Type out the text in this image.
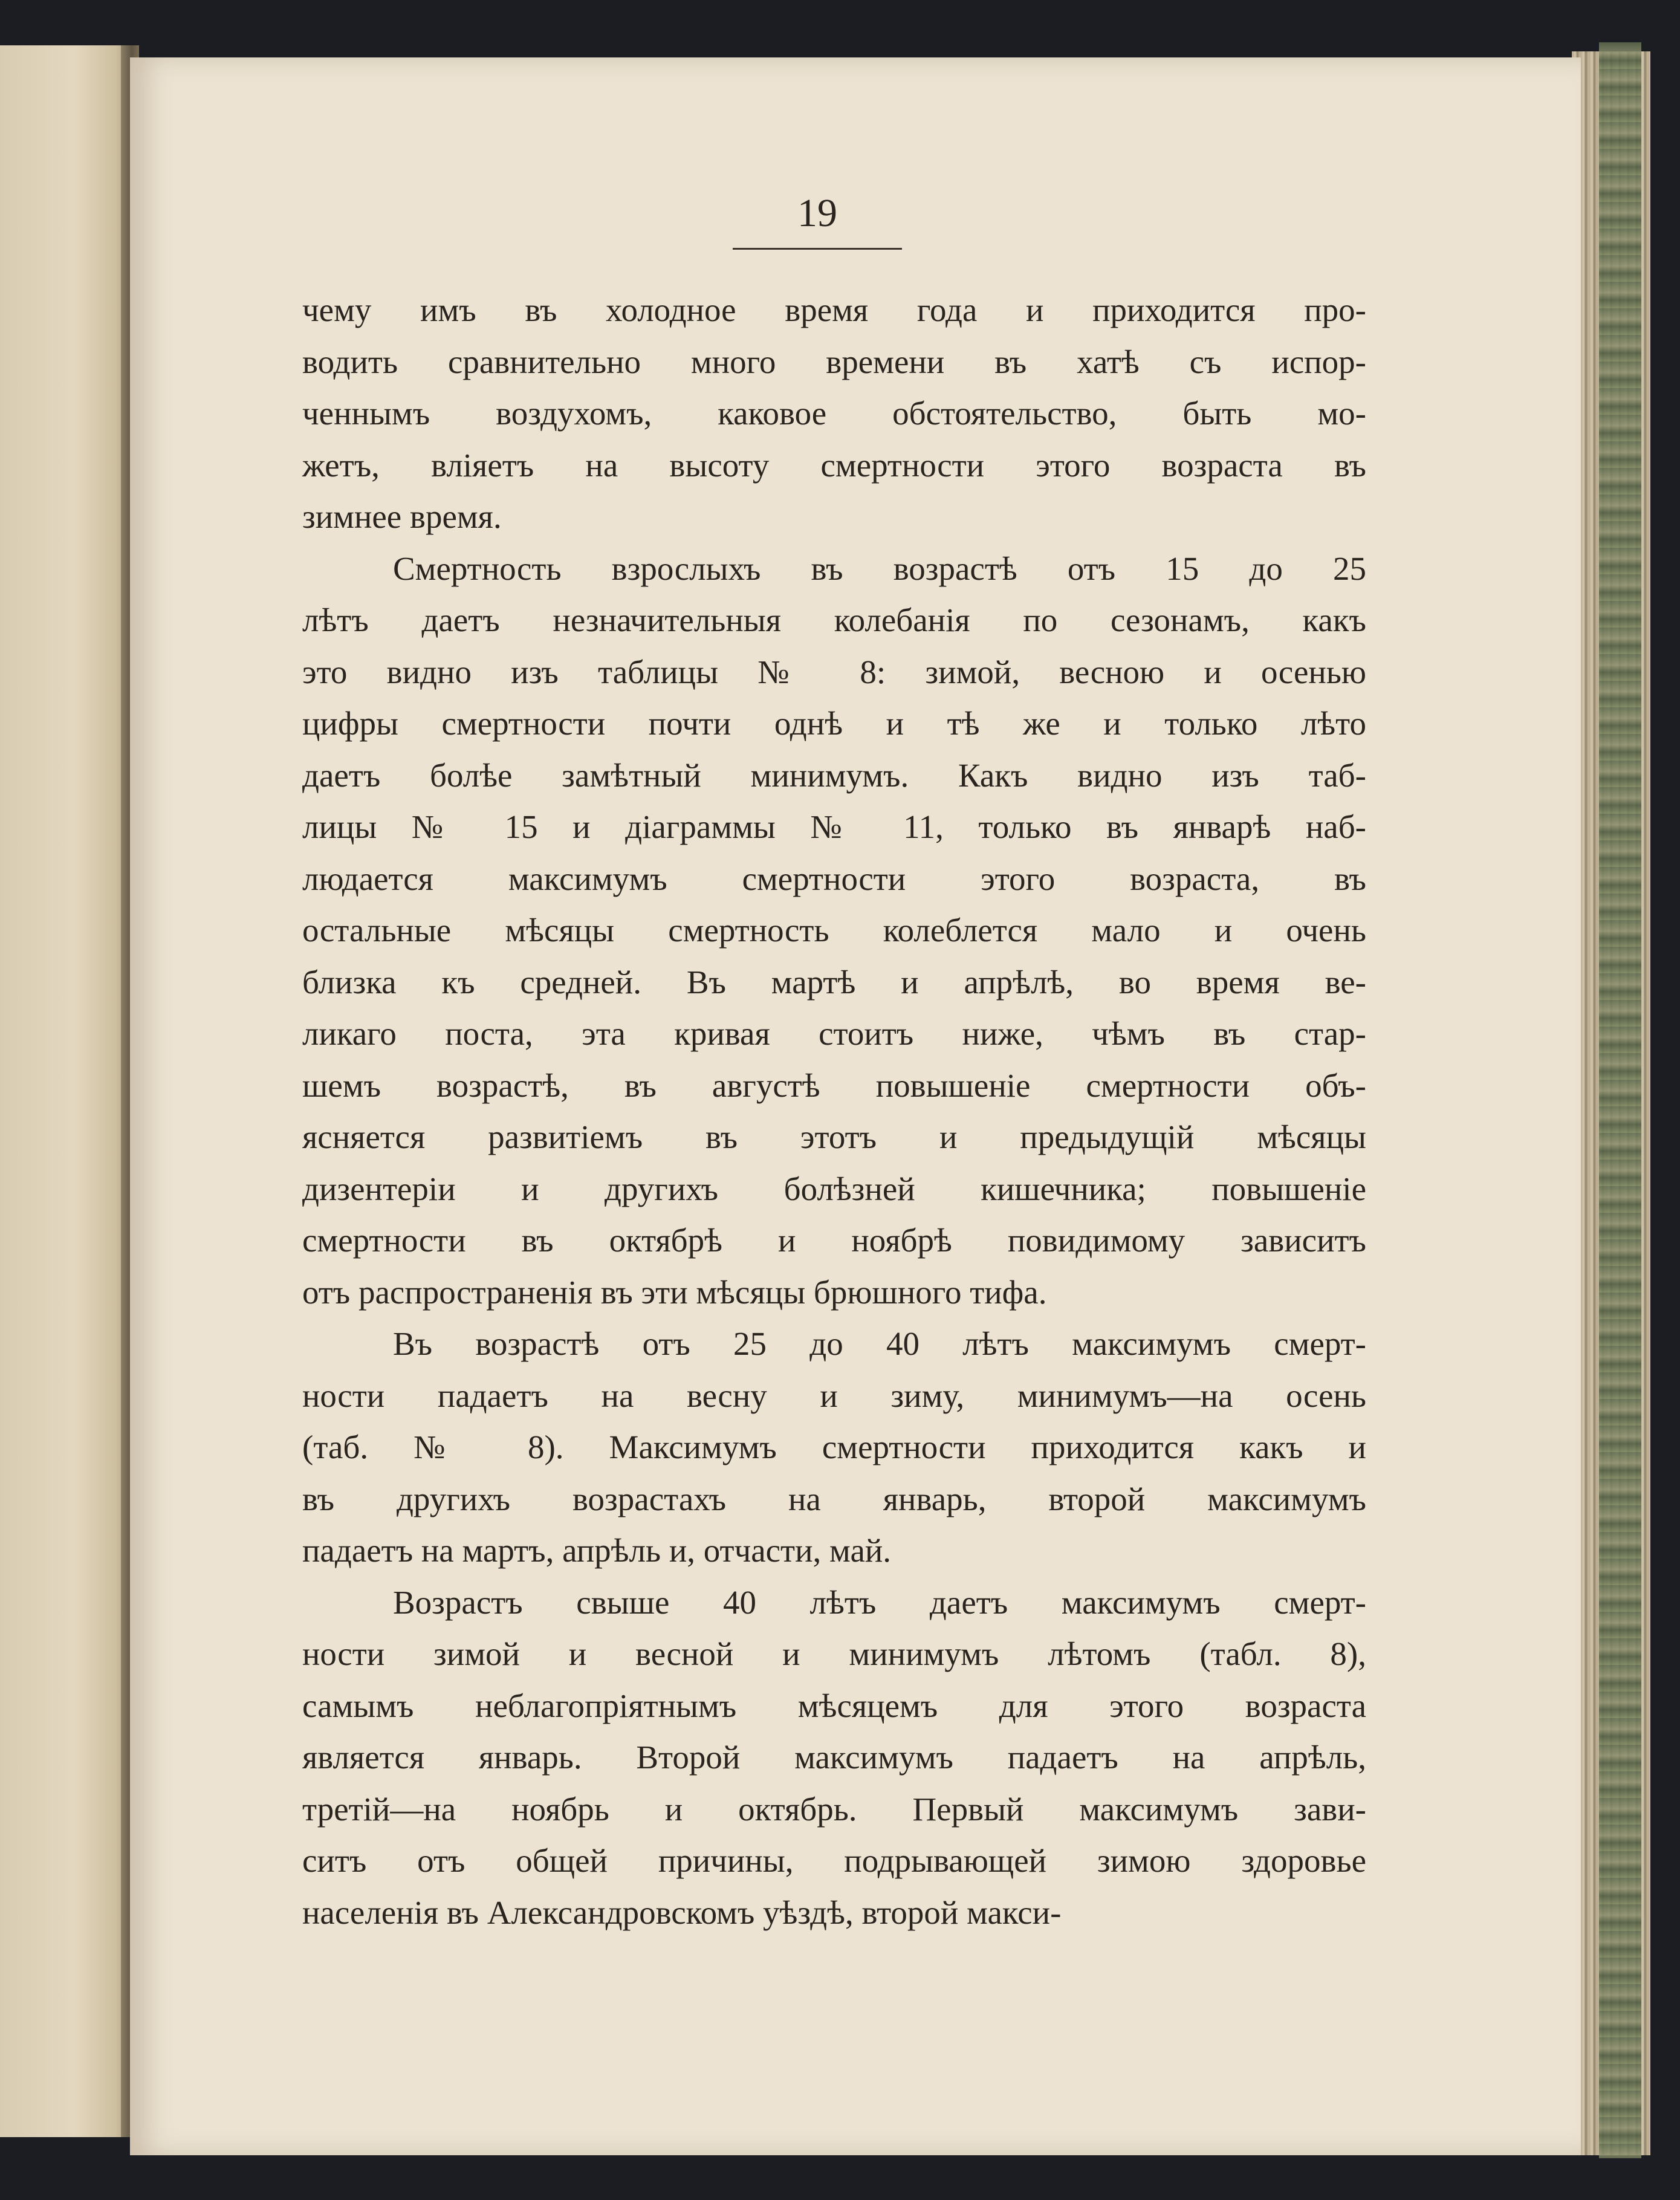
19
чему имъ въ холодное время года и приходится про-
водить сравнительно много времени въ хатѣ съ испор-
ченнымъ воздухомъ, каковое обстоятельство, быть мо-
жетъ, влiяетъ на высоту смертности этого возраста въ
зимнее время.
Смертность взрослыхъ въ возрастѣ отъ 15 до 25
лѣтъ даетъ незначительныя колебанiя по сезонамъ, какъ
это видно изъ таблицы № 8: зимой, весною и осенью
цифры смертности почти однѣ и тѣ же и только лѣто
даетъ болѣе замѣтный минимумъ. Какъ видно изъ таб-
лицы № 15 и дiаграммы № 11, только въ январѣ наб-
людается максимумъ смертности этого возраста, въ
остальные мѣсяцы смертность колеблется мало и очень
близка къ средней. Въ мартѣ и апрѣлѣ, во время ве-
ликаго поста, эта кривая стоитъ ниже, чѣмъ въ стар-
шемъ возрастѣ, въ августѣ повышенiе смертности объ-
ясняется развитiемъ въ этотъ и предыдущiй мѣсяцы
дизентерiи и другихъ болѣзней кишечника; повышенiе
смертности въ октябрѣ и ноябрѣ повидимому зависитъ
отъ распространенiя въ эти мѣсяцы брюшного тифа.
Въ возрастѣ отъ 25 до 40 лѣтъ максимумъ смерт-
ности падаетъ на весну и зиму, минимумъ—на осень
(таб. № 8). Максимумъ смертности приходится какъ и
въ другихъ возрастахъ на январь, второй максимумъ
падаетъ на мартъ, апрѣль и, отчасти, май.
Возрастъ свыше 40 лѣтъ даетъ максимумъ смерт-
ности зимой и весной и минимумъ лѣтомъ (табл. 8),
самымъ неблагопрiятнымъ мѣсяцемъ для этого возраста
является январь. Второй максимумъ падаетъ на апрѣль,
третiй—на ноябрь и октябрь. Первый максимумъ зави-
ситъ отъ общей причины, подрывающей зимою здоровье
населенiя въ Александровскомъ уѣздѣ, второй макси-
